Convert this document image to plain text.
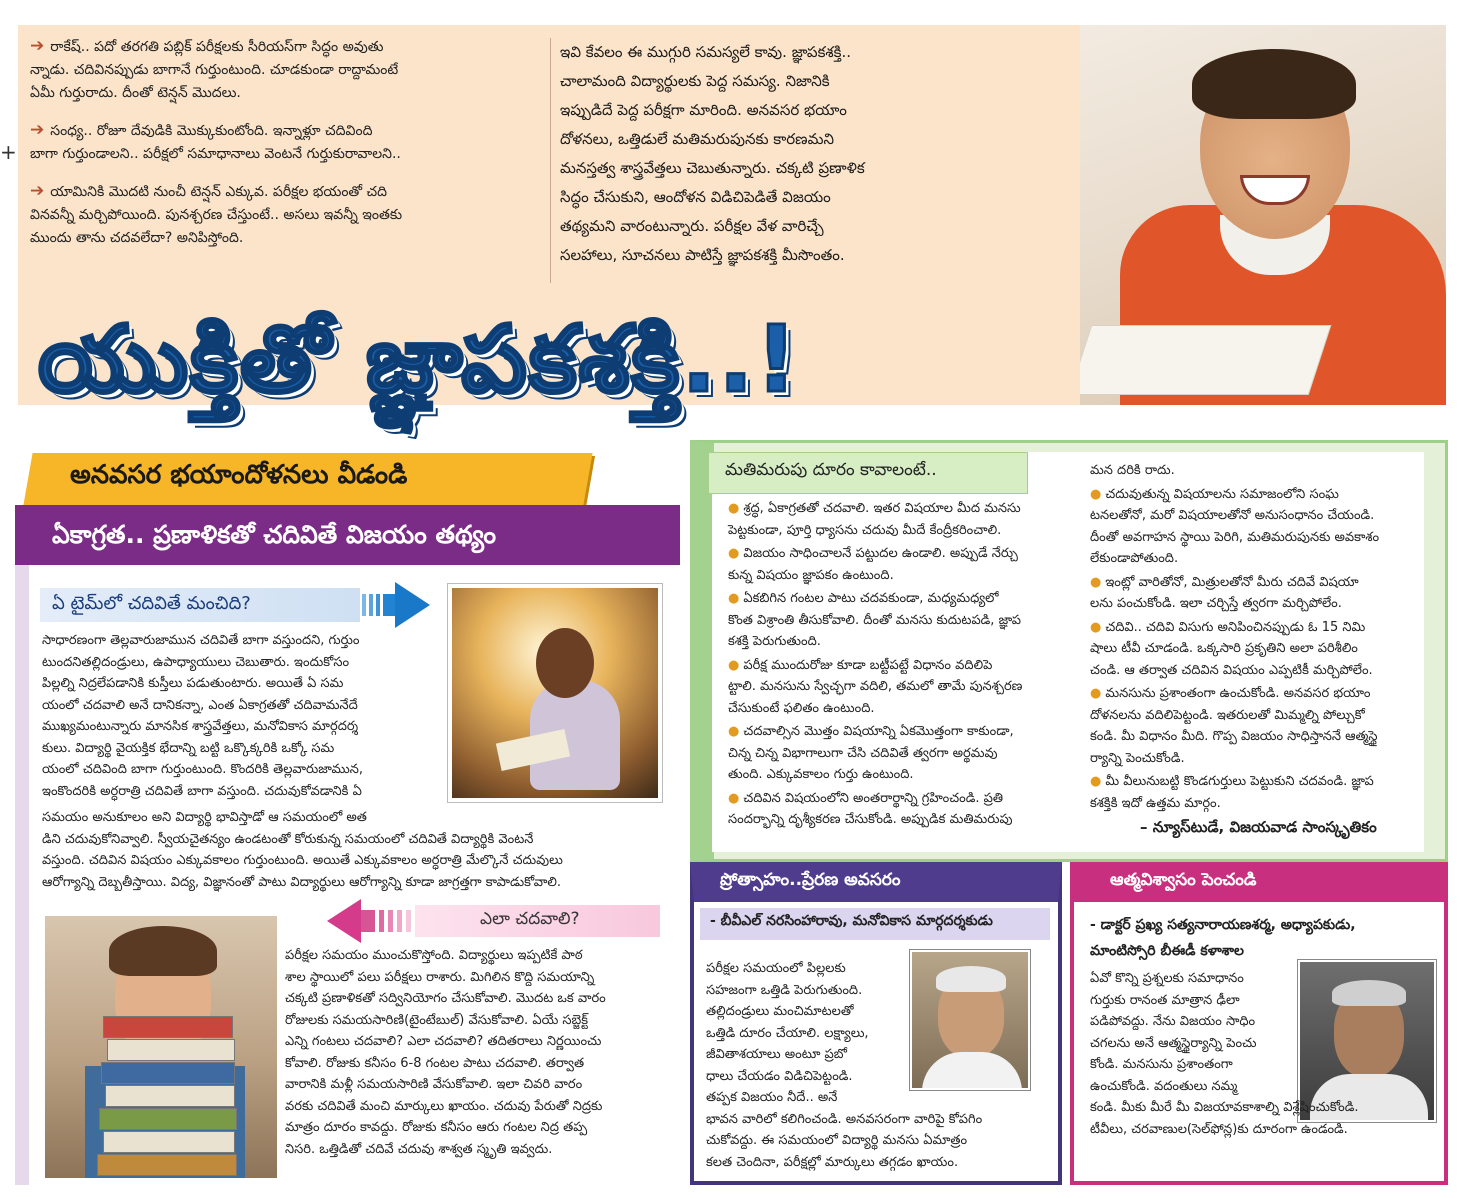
+
➔ రాకేష్‌.. పదో తరగతి పబ్లిక్‌ పరీక్షలకు సీరియస్‌గా సిద్ధం అవుతు
న్నాడు. చదివినప్పుడు బాగానే గుర్తుంటుంది. చూడకుండా రాద్దామంటే
ఏమీ గుర్తురాదు. దీంతో టెన్షన్‌ మొదలు.
➔ సంధ్య.. రోజూ దేవుడికి మొక్కుకుంటోంది. ఇన్నాళ్లూ చదివింది
బాగా గుర్తుండాలని.. పరీక్షలో సమాధానాలు వెంటనే గుర్తుకురావాలని..
➔ యామినికి మొదటి నుంచీ టెన్షన్‌ ఎక్కువ. పరీక్షల భయంతో చది
వినవన్నీ మర్చిపోయింది. పునశ్చరణ చేస్తుంటే.. అసలు ఇవన్నీ ఇంతకు
ముందు తాను చదవలేదా? అనిపిస్తోంది.
ఇవి కేవలం ఈ ముగ్గురి సమస్యలే కావు. జ్ఞాపకశక్తి..
చాలామంది విద్యార్థులకు పెద్ద సమస్య. నిజానికి
ఇప్పుడిదే పెద్ద పరీక్షగా మారింది. అనవసర భయాం
దోళనలు, ఒత్తిడులే మతిమరుపునకు కారణమని
మనస్తత్వ శాస్త్రవేత్తలు చెబుతున్నారు. చక్కటి ప్రణాళిక
సిద్ధం చేసుకుని, ఆందోళన విడిచిపెడితే విజయం
తథ్యమని వారంటున్నారు. పరీక్షల వేళ వారిచ్చే
సలహాలు, సూచనలు పాటిస్తే జ్ఞాపకశక్తి మీసొంతం.
యుక్తితో జ్ఞాపకశక్తి..!
అనవసర భయాందోళనలు వీడండి
ఏకాగ్రత.. ప్రణాళికతో చదివితే విజయం తథ్యం
ఏ టైమ్‌లో చదివితే మంచిది?
సాధారణంగా తెల్లవారుజామున చదివితే బాగా వస్తుందని, గుర్తుం
టుందనితల్లిదండ్రులు, ఉపాధ్యాయులు చెబుతారు. ఇందుకోసం
పిల్లల్ని నిద్రలేపడానికి కుస్తీలు పడుతుంటారు. అయితే ఏ సమ
యంలో చదవాలి అనే దానికన్నా, ఎంత ఏకాగ్రతతో చదివామనేదే
ముఖ్యమంటున్నారు మానసిక శాస్త్రవేత్తలు, మనోవికాస మార్గదర్శ
కులు. విద్యార్థి వైయక్తిక భేదాన్ని బట్టి ఒక్కొక్కరికి ఒక్కో సమ
యంలో చదివింది బాగా గుర్తుంటుంది. కొందరికి తెల్లవారుజామున,
ఇంకొందరికి అర్ధరాత్రి చదివితే బాగా వస్తుంది. చదువుకోవడానికి ఏ
సమయం అనుకూలం అని విద్యార్థి భావిస్తాడో ఆ సమయంలో అత
డిని చదువుకోనివ్వాలి. స్వీయచైతన్యం ఉండటంతో కోరుకున్న సమయంలో చదివితే విద్యార్థికి వెంటనే
వస్తుంది. చదివిన విషయం ఎక్కువకాలం గుర్తుంటుంది. అయితే ఎక్కువకాలం అర్ధరాత్రి మేల్కొనే చదువులు
ఆరోగ్యాన్ని దెబ్బతీస్తాయి. విద్య, విజ్ఞానంతో పాటు విద్యార్థులు ఆరోగ్యాన్ని కూడా జాగ్రత్తగా కాపాడుకోవాలి.
ఎలా చదవాలి?
పరీక్షల సమయం ముంచుకొస్తోంది. విద్యార్థులు ఇప్పటికే పాఠ
శాల స్థాయిలో పలు పరీక్షలు రాశారు. మిగిలిన కొద్ది సమయాన్ని
చక్కటి ప్రణాళికతో సద్వినియోగం చేసుకోవాలి. మొదట ఒక వారం
రోజులకు సమయసారిణి(టైంటేబుల్‌) వేసుకోవాలి. ఏయే సబ్జెక్ట్‌
ఎన్ని గంటలు చదవాలి? ఎలా చదవాలి? తదితరాలు నిర్ణయించు
కోవాలి. రోజుకు కనీసం 6-8 గంటల పాటు చదవాలి. తర్వాత
వారానికి మళ్లీ సమయసారిణి వేసుకోవాలి. ఇలా చివరి వారం
వరకు చదివితే మంచి మార్కులు ఖాయం. చదువు పేరుతో నిద్రకు
మాత్రం దూరం కావద్దు. రోజుకు కనీసం ఆరు గంటల నిద్ర తప్ప
నిసరి. ఒత్తిడితో చదివే చదువు శాశ్వత స్మృతి ఇవ్వదు.
మతిమరుపు దూరం కావాలంటే..
● శ్రద్ధ, ఏకాగ్రతతో చదవాలి. ఇతర విషయాల మీద మనసు
పెట్టకుండా, పూర్తి ధ్యాసను చదువు మీదే కేంద్రీకరించాలి.
● విజయం సాధించాలనే పట్టుదల ఉండాలి. అప్పుడే నేర్చు
కున్న విషయం జ్ఞాపకం ఉంటుంది.
● ఏకబిగిన గంటల పాటు చదవకుండా, మధ్యమధ్యలో
కొంత విశ్రాంతి తీసుకోవాలి. దీంతో మనసు కుదుటపడి, జ్ఞాప
కశక్తి పెరుగుతుంది.
● పరీక్ష ముందురోజు కూడా బట్టీపట్టే విధానం వదిలిపె
ట్టాలి. మనసును స్వేచ్ఛగా వదిలి, తమలో తామే పునశ్చరణ
చేసుకుంటే ఫలితం ఉంటుంది.
● చదవాల్సిన మొత్తం విషయాన్ని ఏకమొత్తంగా కాకుండా,
చిన్న చిన్న విభాగాలుగా చేసి చదివితే త్వరగా అర్థమవు
తుంది. ఎక్కువకాలం గుర్తు ఉంటుంది.
● చదివిన విషయంలోని అంతరార్థాన్ని గ్రహించండి. ప్రతి
సందర్భాన్ని దృశ్యీకరణ చేసుకోండి. అప్పుడిక మతిమరుపు
మన దరికి రాదు.
● చదువుతున్న విషయాలను సమాజంలోని సంఘ
టనలతోనో, మరో విషయాలతోనో అనుసంధానం చేయండి.
దీంతో అవగాహన స్థాయి పెరిగి, మతిమరుపునకు అవకాశం
లేకుండాపోతుంది.
● ఇంట్లో వారితోనో, మిత్రులతోనో మీరు చదివే విషయా
లను పంచుకోండి. ఇలా చర్చిస్తే త్వరగా మర్చిపోలేం.
● చదివి.. చదివి విసుగు అనిపించినప్పుడు ఓ 15 నిమి
షాలు టీవీ చూడండి. ఒక్కసారి ప్రకృతిని అలా పరిశీలిం
చండి. ఆ తర్వాత చదివిన విషయం ఎప్పటికీ మర్చిపోలేం.
● మనసును ప్రశాంతంగా ఉంచుకోండి. అనవసర భయాం
దోళనలను వదిలిపెట్టండి. ఇతరులతో మిమ్మల్ని పోల్చుకో
కండి. మీ విధానం మీది. గొప్ప విజయం సాధిస్తాననే ఆత్మస్థై
ర్యాన్ని పెంచుకోండి.
● మీ వీలునుబట్టి కొండగుర్తులు పెట్టుకుని చదవండి. జ్ఞాప
కశక్తికి ఇదో ఉత్తమ మార్గం.
– న్యూస్‌టుడే, విజయవాడ సాంస్కృతికం
ప్రోత్సాహం..ప్రేరణ అవసరం
- బీవీఎల్‌ నరసింహారావు, మనోవికాస మార్గదర్శకుడు
పరీక్షల సమయంలో పిల్లలకు
సహజంగా ఒత్తిడి పెరుగుతుంది.
తల్లిదండ్రులు మంచిమాటలతో
ఒత్తిడి దూరం చేయాలి. లక్ష్యాలు,
జీవితాశయాలు అంటూ ప్రబో
ధాలు చేయడం విడిచిపెట్టండి.
తప్పక విజయం నీదే.. అనే
భావన వారిలో కలిగించండి. అనవసరంగా వారిపై కోపగిం
చుకోవద్దు. ఈ సమయంలో విద్యార్థి మనసు ఏమాత్రం
కలత చెందినా, పరీక్షల్లో మార్కులు తగ్గడం ఖాయం.
ఆత్మవిశ్వాసం పెంచండి
- డాక్టర్‌ ప్రఖ్య సత్యనారాయణశర్మ, అధ్యాపకుడు,
మాంటిస్సోరి బీఈడీ కళాశాల
ఏవో కొన్ని ప్రశ్నలకు సమాధానం
గుర్తుకు రానంత మాత్రాన ఢీలా
పడిపోవద్దు. నేను విజయం సాధిం
చగలను అనే ఆత్మస్థైర్యాన్ని పెంచు
కోండి. మనసును ప్రశాంతంగా
ఉంచుకోండి. వదంతులు నమ్మ
కండి. మీకు మీరే మీ విజయావకాశాల్ని విశ్లేషించుకోండి.
టీవీలు, చరవాణుల(సెల్‌ఫోన్ల)కు దూరంగా ఉండండి.
